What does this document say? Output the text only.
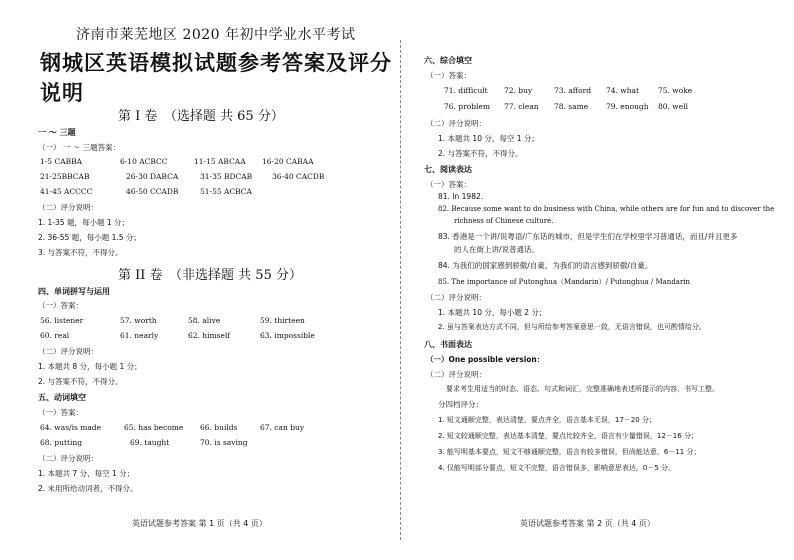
济南市莱芜地区 2020 年初中学业水平考试
钢城区英语模拟试题参考答案及评分说明
第 I 卷　（选择题 共 65 分）
一 ～ 三题
（一） 一 ～ 三题答案：
1-5 CABBA	6-10 ACBCC	11-15 ABCAA 16-20 CABAA
21-25BBCAB	26-30 DABCA	31-35 BDCAB	36-40 CACDB
41-45 ACCCC	46-50 CCADB	51-55 ACBCA
（二）评分说明：
1. 1-35 题，每小题 1 分；
2. 36-55 题，每小题 1.5 分；
3. 与答案不符，不得分。
第 II 卷　（非选择题 共 55 分）
四、单词拼写与运用
（一）答案：
56. listener	57. worth	58. alive	59. thirteen
60. real	61. nearly	62. himself	63. impossible
（二）评分说明：
1. 本题共 8 分，每小题 1 分；
2. 与答案不符，不得分。
五、动词填空
（一）答案：
64. was/is made	65. has become 66. builds	67. can buy
68. putting	69. taught	70. is saving
（二）评分说明：
1. 本题共 7 分，每空 1 分；
2. 未用所给动词者，不得分。
英语试题参考答案 第 1 页（共 4 页）
六、综合填空
（一）答案：
71. difficult 72. buy	73. afford 74. what	75. woke
76. problem 77. clean 78. same 79. enough 80. well
（二）评分说明：
1. 本题共 10 分，每空 1 分；
2. 与答案不符，不得分。
七、阅读表达
（一）答案：
81. In 1982.
82. Because some want to do business with China, while others are for fun and to discover the
richness of Chinese culture.
83. 香港是一个讲/说粤语/广东话的城市，但是学生们在学校里学习普通话，而且/并且更多
的人在街上讲/说普通话。
84. 为我们的国家感到骄傲/自豪，为我们的语言感到骄傲/自豪。
85. The importance of Putonghua（Mandarin）/ Putonghua / Mandarin
（二）评分说明：
1. 本题共 10 分，每小题 2 分；
2. 虽与答案表达方式不同，但与所给参考答案意思一致，无语言错误，也可酌情给分。
八、书面表达
（一）One possible version：
（二）评分说明：
要求考生用适当的时态、语态、句式和词汇，完整准确地表述所提示的内容，书写工整。
分四档评分：
1. 短文通顺完整，表达清楚，要点齐全，语言基本无误，17－20 分；
2. 短文较通顺完整，表达基本清楚，要点比较齐全，语言有少量错误，12－16 分；
3. 能写明基本要点，短文不够通顺完整，语言有较多错误，但尚能达意，6－11 分；
4. 仅能写明部分要点，短文不完整，语言错误多，影响意思表达，0－5 分。
英语试题参考答案 第 2 页（共 4 页）
